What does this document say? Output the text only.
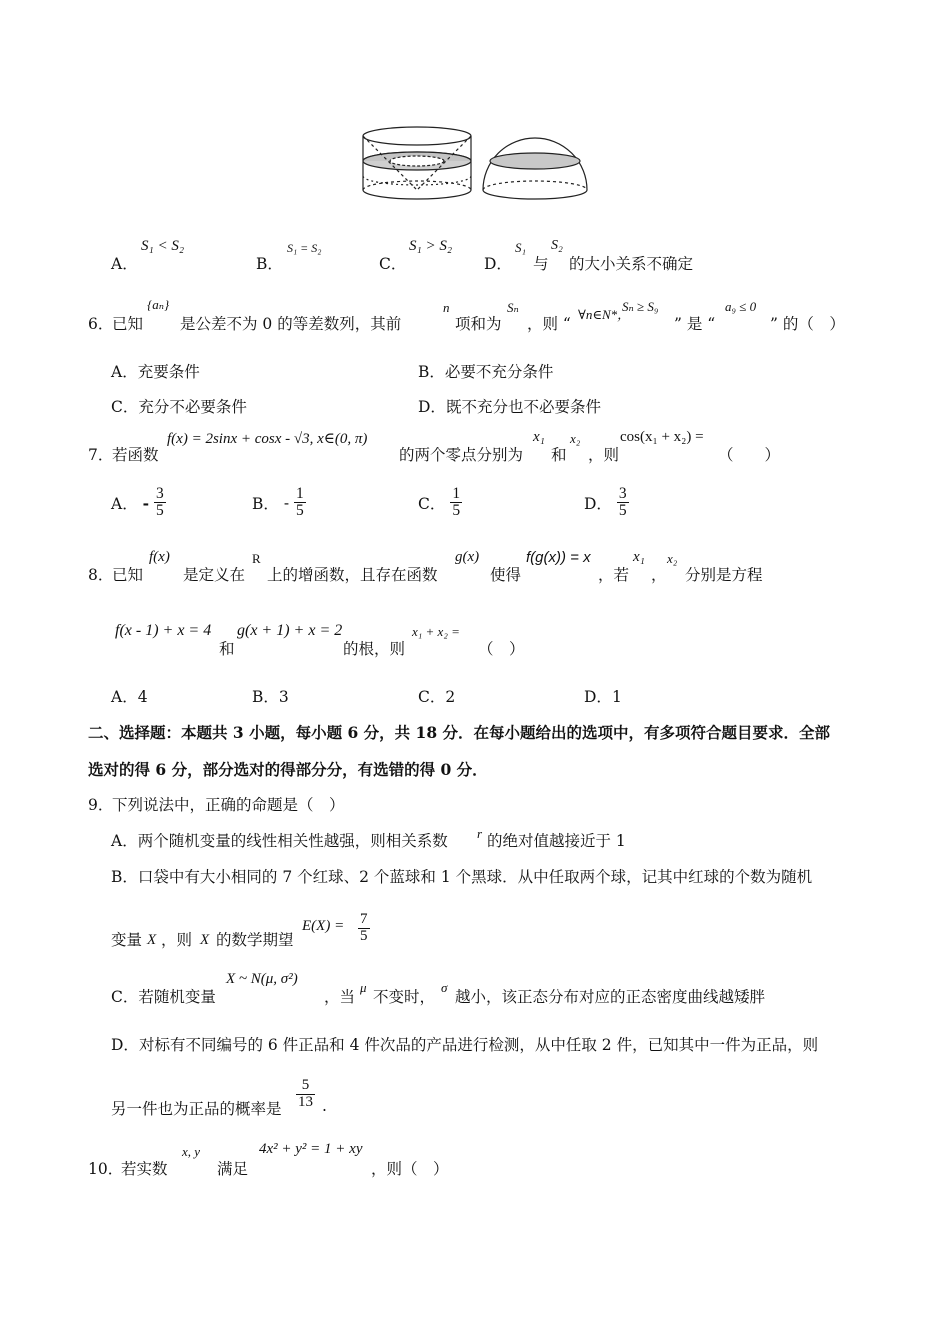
A．
S₁ < S₂
B．
S₁ = S₂
C．
S₁ > S₂
D．
S₁
与
S₂
的大小关系不确定
6．
已知
{aₙ}
是公差不为 0 的等差数列，其前
n
项和为
Sₙ
，则 “
∀n∈N*，
Sₙ ≥ S₉
” 是 “
a₉ ≤ 0
” 的（　）
A．充要条件	B．必要不充分条件
C．充分不必要条件	D．既不充分也不必要条件
7．
若函数
f(x) = 2sinx + cosx - √3, x∈(0, π)
的两个零点分别为
x₁
和
x₂
，则
cos(x₁ + x₂) =
（　　）
A． - $\frac{3}{5}$	B． - $\frac{1}{5}$	C． $\frac{1}{5}$	D． $\frac{3}{5}$
8．
已知
f(x)
是定义在
R
上的增函数，且存在函数
g(x)
使得
f(g(x)) = x
，若
x₁
，
x₂
分别是方程
f(x - 1) + x = 4
和
g(x + 1) + x = 2
的根，则
x₁ + x₂ =
（　）
A．4	B．3	C．2	D．1
二、选择题：本题共 3 小题，每小题 6 分，共 18 分．在每小题给出的选项中，有多项符合题目要求．全部
选对的得 6 分，部分选对的得部分分，有选错的得 0 分．
9．
下列说法中，正确的命题是（　）
A．两个随机变量的线性相关性越强，则相关系数 r 的绝对值越接近于 1
B．口袋中有大小相同的 7 个红球、2 个蓝球和 1 个黑球．从中任取两个球，记其中红球的个数为随机
变量 X ，则 X 的数学期望
$E(X) = \frac{7}{5}$
C．若随机变量
X ~ N(μ, σ²)
，当
μ
不变时，
σ
越小，该正态分布对应的正态密度曲线越矮胖
D．对标有不同编号的 6 件正品和 4 件次品的产品进行检测，从中任取 2 件，已知其中一件为正品，则
另一件也为正品的概率是 $\frac{5}{13}$ .
10．
若实数
x, y
满足
4x² + y² = 1 + xy
，则（　）
